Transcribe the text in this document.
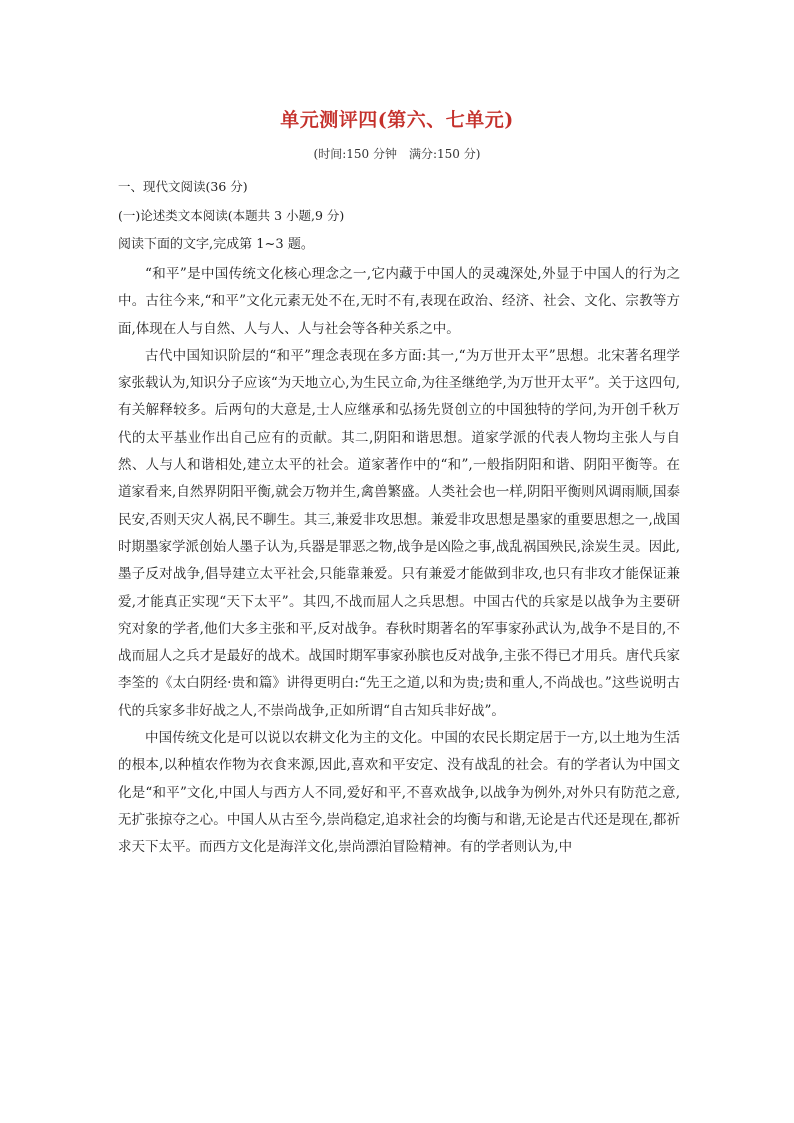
单元测评四(第六、七单元)
(时间:150 分钟　满分:150 分)
一、现代文阅读(36 分)
(一)论述类文本阅读(本题共 3 小题,9 分)
阅读下面的文字,完成第 1~3 题。

“和平”是中国传统文化核心理念之一,它内藏于中国人的灵魂深处,外显于中国人的行为之中。古往今来,“和平”文化元素无处不在,无时不有,表现在政治、经济、社会、文化、宗教等方面,体现在人与自然、人与人、人与社会等各种关系之中。

古代中国知识阶层的“和平”理念表现在多方面:其一,“为万世开太平”思想。北宋著名理学家张载认为,知识分子应该“为天地立心,为生民立命,为往圣继绝学,为万世开太平”。关于这四句,有关解释较多。后两句的大意是,士人应继承和弘扬先贤创立的中国独特的学问,为开创千秋万代的太平基业作出自己应有的贡献。其二,阴阳和谐思想。道家学派的代表人物均主张人与自然、人与人和谐相处,建立太平的社会。道家著作中的“和”,一般指阴阳和谐、阴阳平衡等。在道家看来,自然界阴阳平衡,就会万物并生,禽兽繁盛。人类社会也一样,阴阳平衡则风调雨顺,国泰民安,否则天灾人祸,民不聊生。其三,兼爱非攻思想。兼爱非攻思想是墨家的重要思想之一,战国时期墨家学派创始人墨子认为,兵器是罪恶之物,战争是凶险之事,战乱祸国殃民,涂炭生灵。因此,墨子反对战争,倡导建立太平社会,只能靠兼爱。只有兼爱才能做到非攻,也只有非攻才能保证兼爱,才能真正实现“天下太平”。其四,不战而屈人之兵思想。中国古代的兵家是以战争为主要研究对象的学者,他们大多主张和平,反对战争。春秋时期著名的军事家孙武认为,战争不是目的,不战而屈人之兵才是最好的战术。战国时期军事家孙膑也反对战争,主张不得已才用兵。唐代兵家李筌的《太白阴经·贵和篇》讲得更明白:“先王之道,以和为贵;贵和重人,不尚战也。”这些说明古代的兵家多非好战之人,不崇尚战争,正如所谓“自古知兵非好战”。

中国传统文化是可以说以农耕文化为主的文化。中国的农民长期定居于一方,以土地为生活的根本,以种植农作物为衣食来源,因此,喜欢和平安定、没有战乱的社会。有的学者认为中国文化是“和平”文化,中国人与西方人不同,爱好和平,不喜欢战争,以战争为例外,对外只有防范之意,无扩张掠夺之心。中国人从古至今,崇尚稳定,追求社会的均衡与和谐,无论是古代还是现在,都祈求天下太平。而西方文化是海洋文化,崇尚漂泊冒险精神。有的学者则认为,中
